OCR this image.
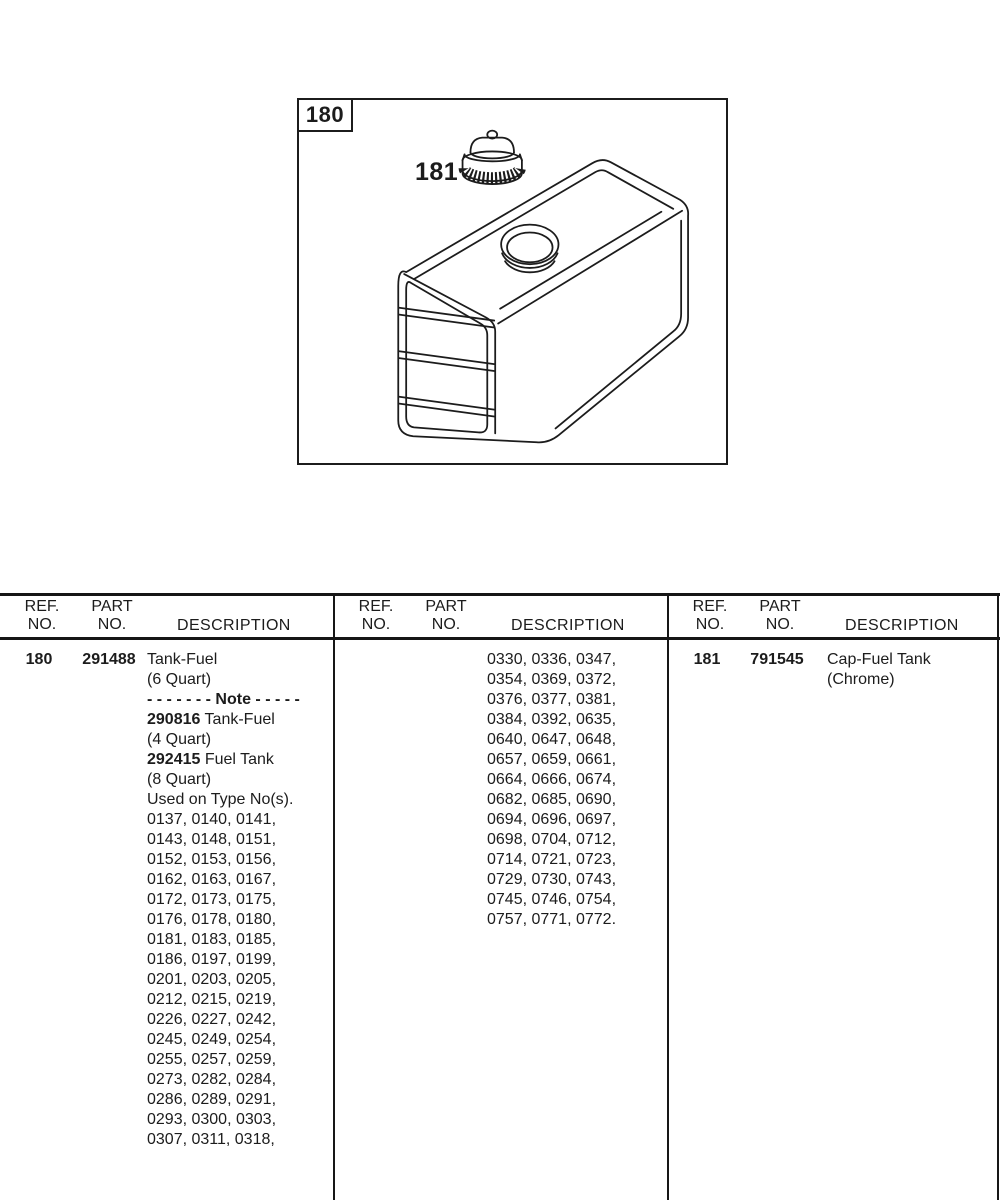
180
181
REF.
NO.
PART
NO.	DESCRIPTION
180	291488 Tank-Fuel
(6 Quart)
- - - - - - - Note - - - - -
290816 Tank-Fuel
(4 Quart)
292415 Fuel Tank
(8 Quart)
Used on Type No(s).
0137, 0140, 0141,
0143, 0148, 0151,
0152, 0153, 0156,
0162, 0163, 0167,
0172, 0173, 0175,
0176, 0178, 0180,
0181, 0183, 0185,
0186, 0197, 0199,
0201, 0203, 0205,
0212, 0215, 0219,
0226, 0227, 0242,
0245, 0249, 0254,
0255, 0257, 0259,
0273, 0282, 0284,
0286, 0289, 0291,
0293, 0300, 0303,
0307, 0311, 0318,
REF.
NO.
PART
NO.	DESCRIPTION
0330, 0336, 0347,
0354, 0369, 0372,
0376, 0377, 0381,
0384, 0392, 0635,
0640, 0647, 0648,
0657, 0659, 0661,
0664, 0666, 0674,
0682, 0685, 0690,
0694, 0696, 0697,
0698, 0704, 0712,
0714, 0721, 0723,
0729, 0730, 0743,
0745, 0746, 0754,
0757, 0771, 0772.
REF.
NO.
PART
NO.	DESCRIPTION
181	791545 Cap-Fuel Tank
(Chrome)
